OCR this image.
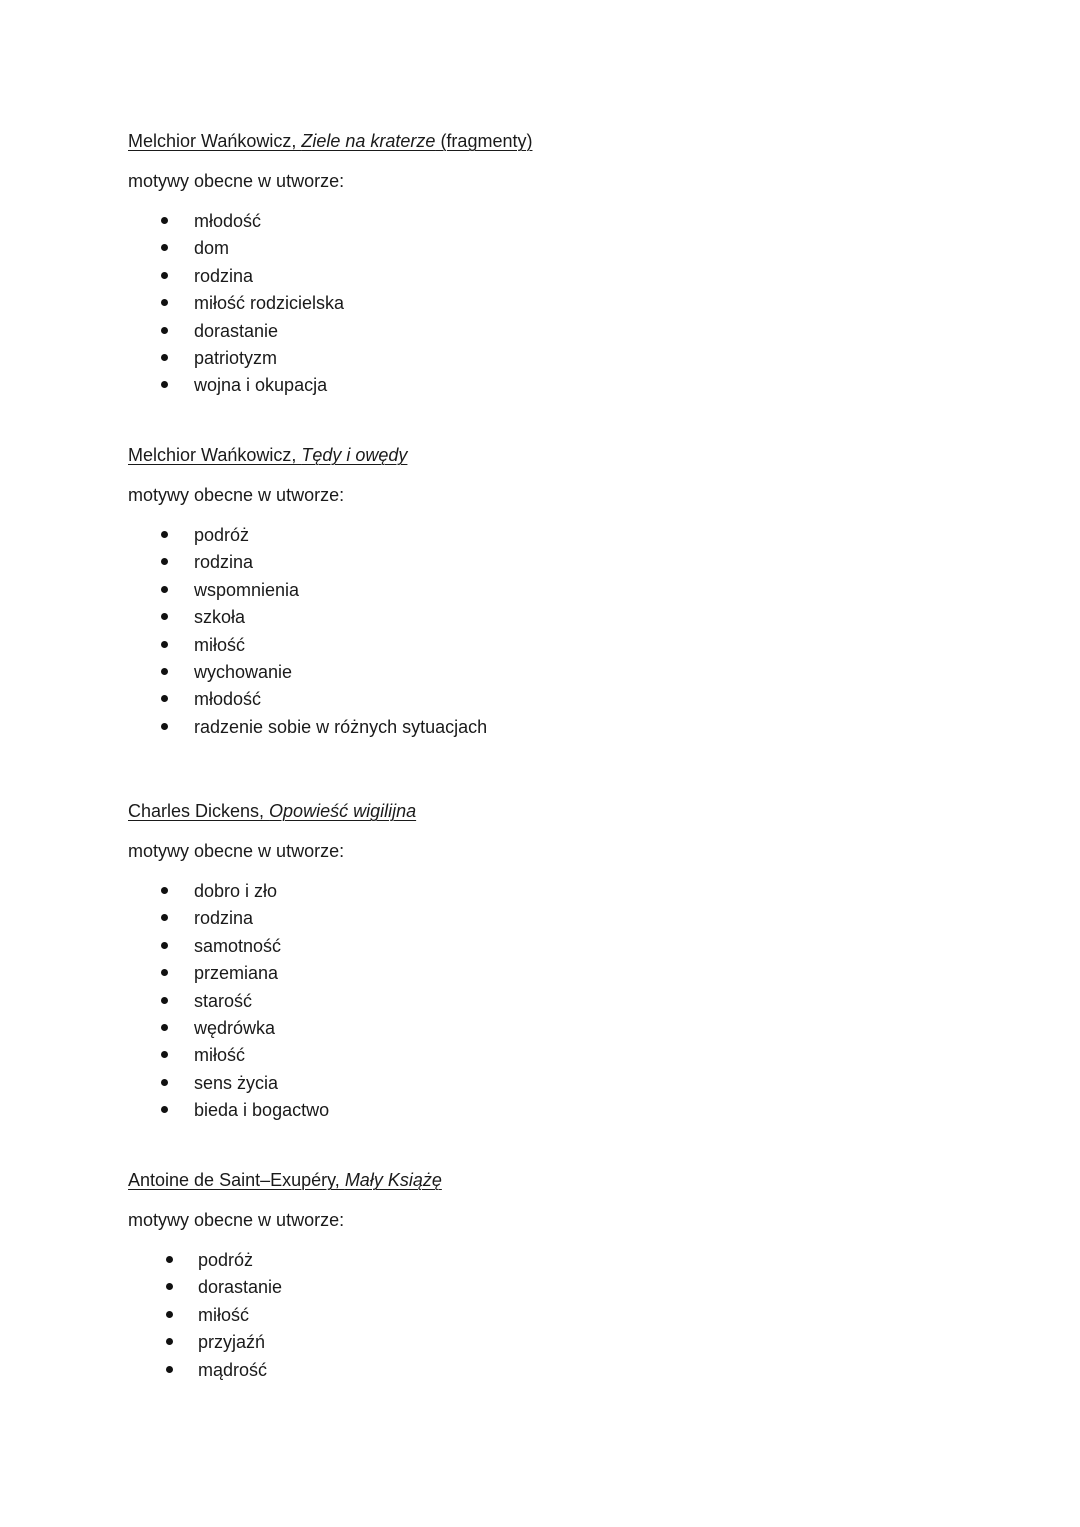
Melchior Wańkowicz, Ziele na kraterze (fragmenty)
motywy obecne w utworze:
młodość
dom
rodzina
miłość rodzicielska
dorastanie
patriotyzm
wojna i okupacja
Melchior Wańkowicz, Tędy i owędy
motywy obecne w utworze:
podróż
rodzina
wspomnienia
szkoła
miłość
wychowanie
młodość
radzenie sobie w różnych sytuacjach
Charles Dickens, Opowieść wigilijna
motywy obecne w utworze:
dobro i zło
rodzina
samotność
przemiana
starość
wędrówka
miłość
sens życia
bieda i bogactwo
Antoine de Saint–Exupéry, Mały Książę
motywy obecne w utworze:
podróż
dorastanie
miłość
przyjaźń
mądrość
